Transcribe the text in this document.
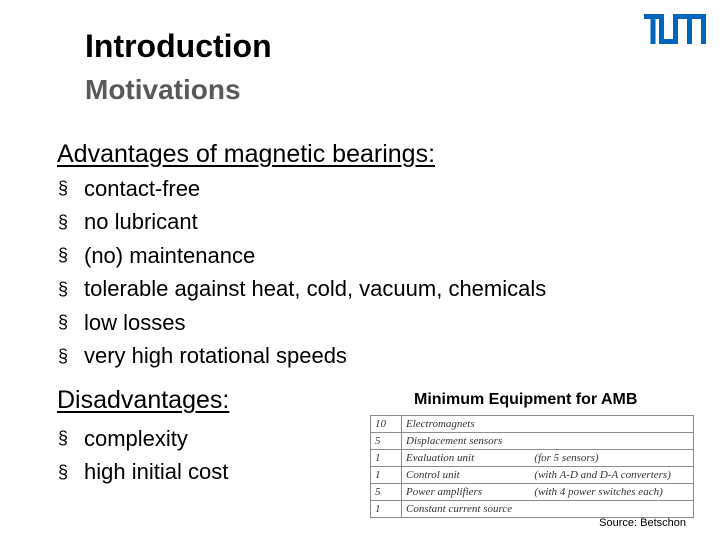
Introduction
Motivations
Advantages of magnetic bearings:
§ contact-free
§ no lubricant
§ (no) maintenance
§ tolerable against heat, cold, vacuum, chemicals
§ low losses
§ very high rotational speeds
Disadvantages:
§ complexity
§ high initial cost
Minimum Equipment for AMB
10	Electromagnets	
5	Displacement sensors	
1	Evaluation unit	(for 5 sensors)
1	Control unit	(with A-D and D-A converters)
5	Power amplifiers	(with 4 power switches each)
1	Constant current source	
Source: Betschon
